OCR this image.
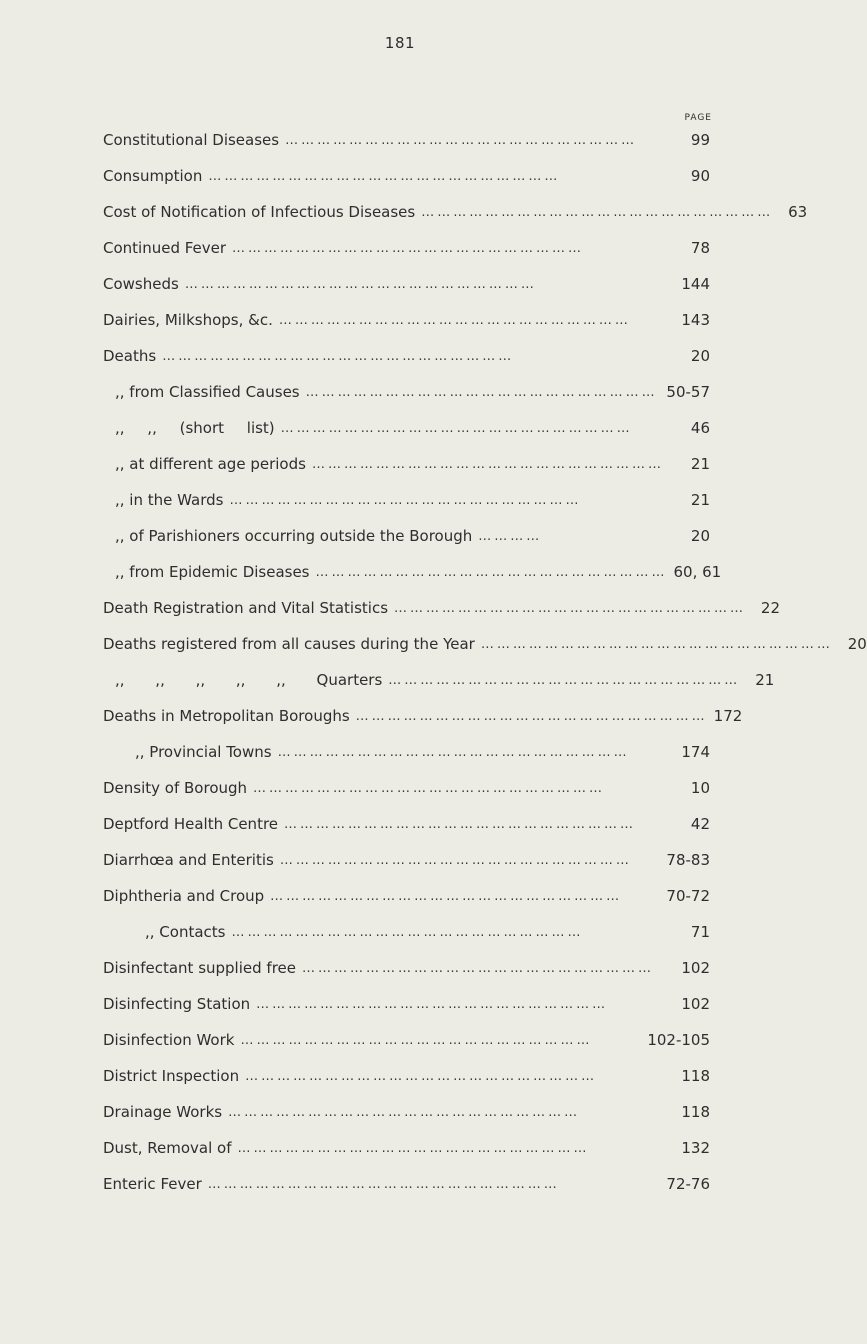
181
PAGE
Constitutional Diseases …………………………………………………………	99
Consumption …………………………………………………………	90
Cost of Notification of Infectious Diseases ………………………………………………………… 63
Continued Fever …………………………………………………………	78
Cowsheds …………………………………………………………	144
Dairies, Milkshops, &c. …………………………………………………………	143
Deaths …………………………………………………………	20
,, from Classified Causes ………………………………………………………… 50-57
,, ,, (short list) …………………………………………………………	46
,, at different age periods …………………………………………………………	21
,, in the Wards …………………………………………………………	21
,, of Parishioners occurring outside the Borough …………	20
,, from Epidemic Diseases ………………………………………………………… 60, 61
Death Registration and Vital Statistics ………………………………………………………… 22
Deaths registered from all causes during the Year ………………………………………………………… 20
,, ,, ,, ,, ,, Quarters ………………………………………………………… 21
Deaths in Metropolitan Boroughs ………………………………………………………… 172
,, Provincial Towns …………………………………………………………	174
Density of Borough …………………………………………………………	10
Deptford Health Centre …………………………………………………………	42
Diarrhœa and Enteritis …………………………………………………………	78-83
Diphtheria and Croup …………………………………………………………	70-72
,, Contacts …………………………………………………………	71
Disinfectant supplied free …………………………………………………………	102
Disinfecting Station …………………………………………………………	102
Disinfection Work …………………………………………………………	102-105
District Inspection …………………………………………………………	118
Drainage Works …………………………………………………………	118
Dust, Removal of …………………………………………………………	132
Enteric Fever …………………………………………………………	72-76
